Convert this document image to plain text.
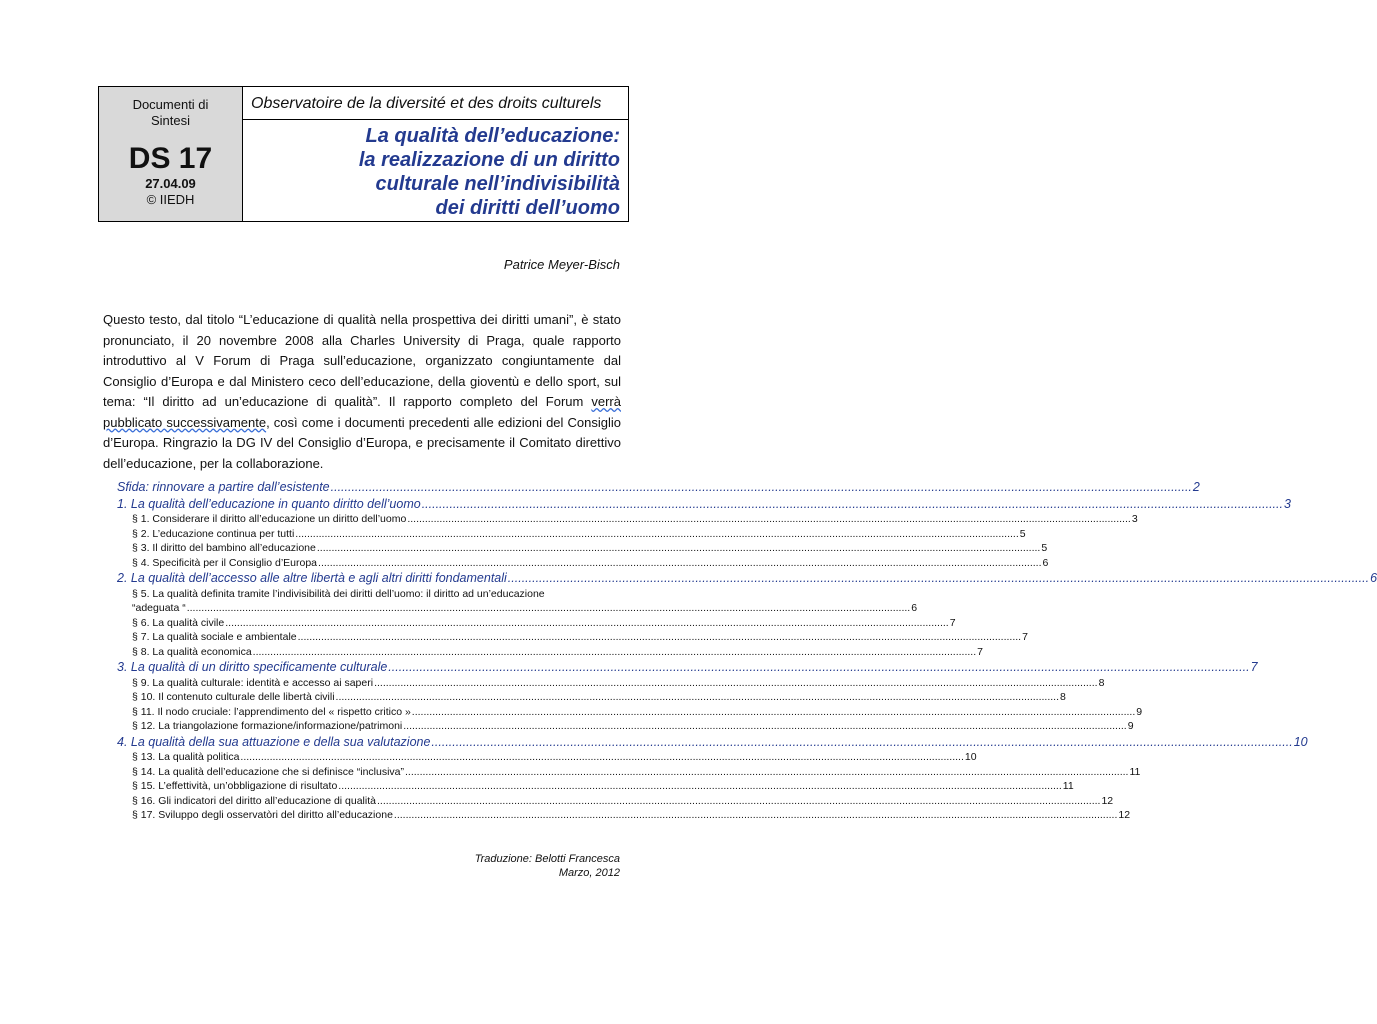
Documenti di
Sintesi
DS 17
27.04.09
© IIEDH
Observatoire de la diversité et des droits culturels
La qualità dell’educazione:
la realizzazione di un diritto
culturale nell’indivisibilità
dei diritti dell’uomo
Patrice Meyer-Bisch
Questo testo, dal titolo “L’educazione di qualità nella prospettiva dei diritti umani”, è stato pronunciato, il 20 novembre 2008 alla Charles University di Praga, quale rapporto introduttivo al V Forum di Praga sull’educazione, organizzato congiuntamente dal Consiglio d’Europa e dal Ministero ceco dell’educazione, della gioventù e dello sport, sul tema: “Il diritto ad un’educazione di qualità”. Il rapporto completo del Forum verrà pubblicato successivamente, così come i documenti precedenti alle edizioni del Consiglio d’Europa. Ringrazio la DG IV del Consiglio d’Europa, e precisamente il Comitato direttivo dell’educazione, per la collaborazione.
Sfida: rinnovare a partire dall’esistente .....	2
1. La qualità dell’educazione in quanto diritto dell’uomo .....	3
§ 1. Considerare il diritto all’educazione un diritto dell’uomo .....	3
§ 2. L’educazione continua per tutti .....	5
§ 3. Il diritto del bambino all’educazione .....	5
§ 4. Specificità per il Consiglio d’Europa .....	6
2. La qualità dell’accesso alle altre libertà e agli altri diritti fondamentali .....	6
§ 5. La qualità definita tramite l’indivisibilità dei diritti dell’uomo: il diritto ad un’educazione
“adeguata “ .....	6
§ 6. La qualità civile .....	7
§ 7. La qualità sociale e ambientale .....	7
§ 8. La qualità economica .....	7
3. La qualità di un diritto specificamente culturale .....	7
§ 9. La qualità culturale: identità e accesso ai saperi .....	8
§ 10. Il contenuto culturale delle libertà civili .....	8
§ 11. Il nodo cruciale: l’apprendimento del « rispetto critico » .....	9
§ 12. La triangolazione formazione/informazione/patrimoni .....	9
4. La qualità della sua attuazione e della sua valutazione .....	10
§ 13. La qualità politica .....	10
§ 14. La qualità dell’educazione che si definisce “inclusiva” .....	11
§ 15. L’effettività, un’obbligazione di risultato .....	11
§ 16. Gli indicatori del diritto all’educazione di qualità .....	12
§ 17. Sviluppo degli osservatòri del diritto all’educazione .....	12
Traduzione: Belotti Francesca
Marzo, 2012
